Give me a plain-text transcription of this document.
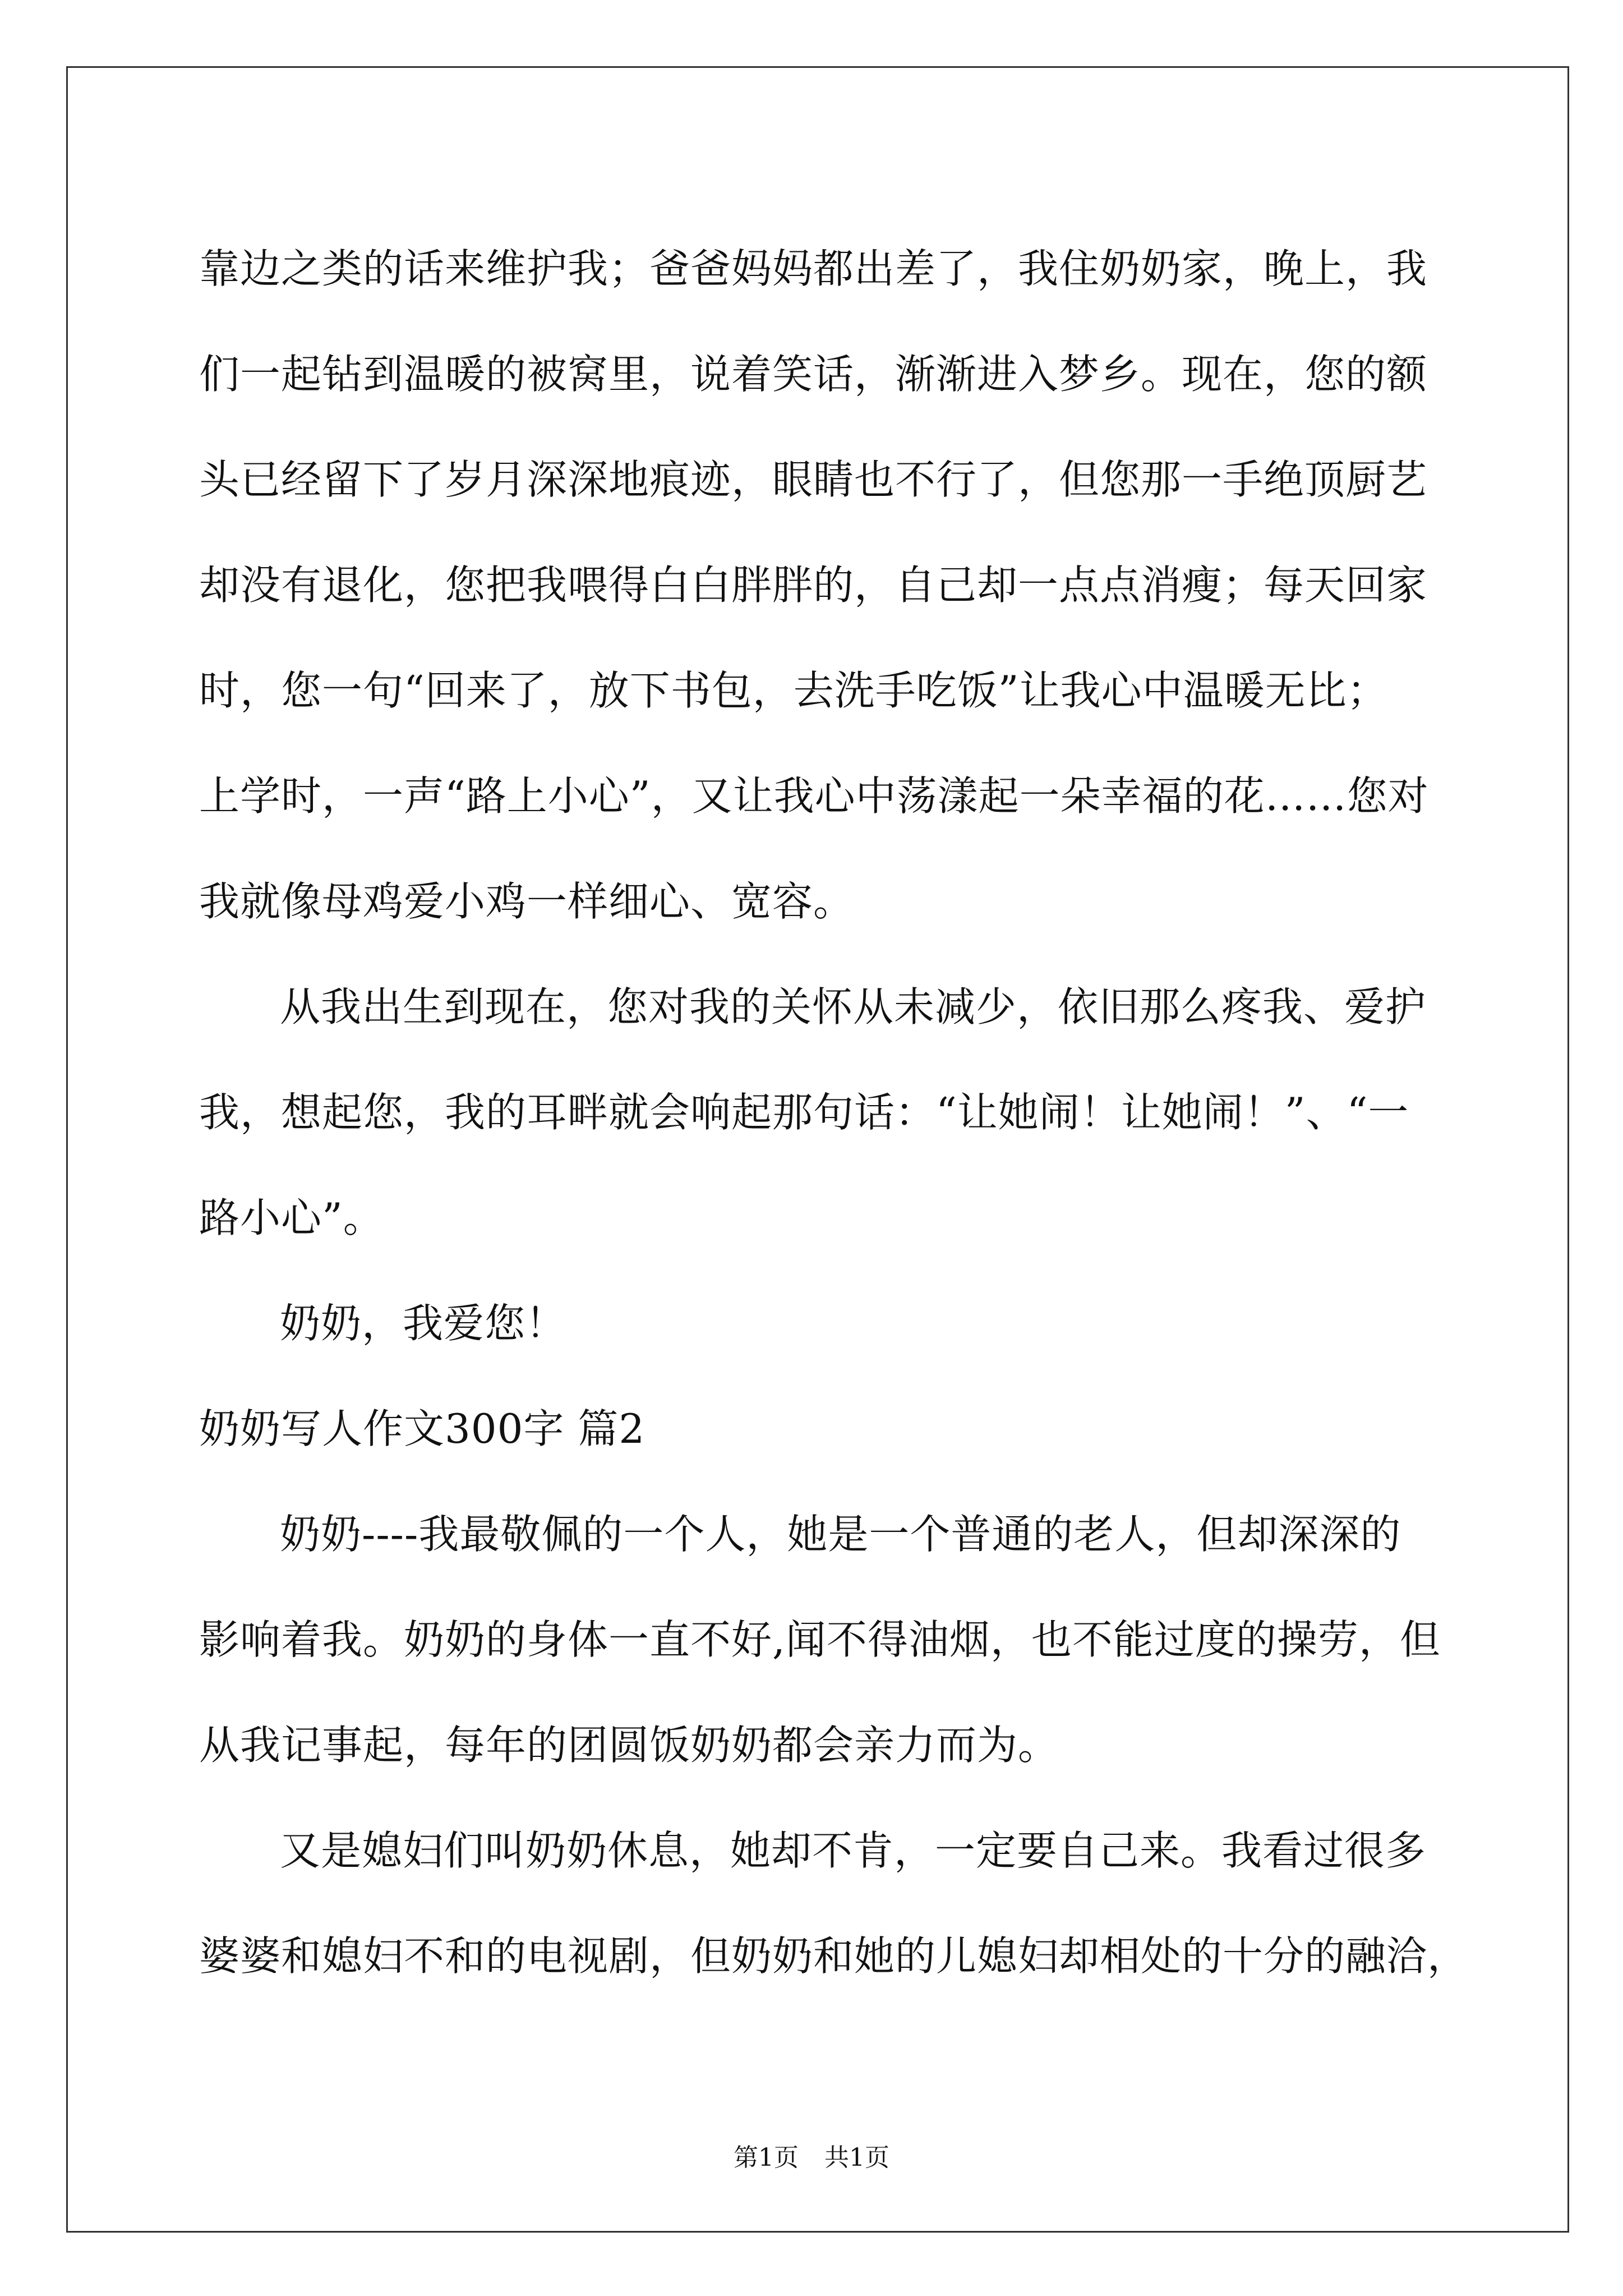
靠边之类的话来维护我；爸爸妈妈都出差了，我住奶奶家，晚上，我
们一起钻到温暖的被窝里，说着笑话，渐渐进入梦乡。现在，您的额
头已经留下了岁月深深地痕迹，眼睛也不行了，但您那一手绝顶厨艺
却没有退化，您把我喂得白白胖胖的，自己却一点点消瘦；每天回家
时，您一句“回来了，放下书包，去洗手吃饭”让我心中温暖无比；
上学时，一声“路上小心”，又让我心中荡漾起一朵幸福的花……您对
我就像母鸡爱小鸡一样细心、宽容。
从我出生到现在，您对我的关怀从未减少，依旧那么疼我、爱护
我，想起您，我的耳畔就会响起那句话：“让她闹！让她闹！”、“一
路小心”。
奶奶，我爱您！
奶奶写人作文300字 篇2
奶奶----我最敬佩的一个人，她是一个普通的老人，但却深深的
影响着我。奶奶的身体一直不好,闻不得油烟，也不能过度的操劳，但
从我记事起，每年的团圆饭奶奶都会亲力而为。
又是媳妇们叫奶奶休息，她却不肯，一定要自己来。我看过很多
婆婆和媳妇不和的电视剧，但奶奶和她的儿媳妇却相处的十分的融洽，
第1页 共1页
